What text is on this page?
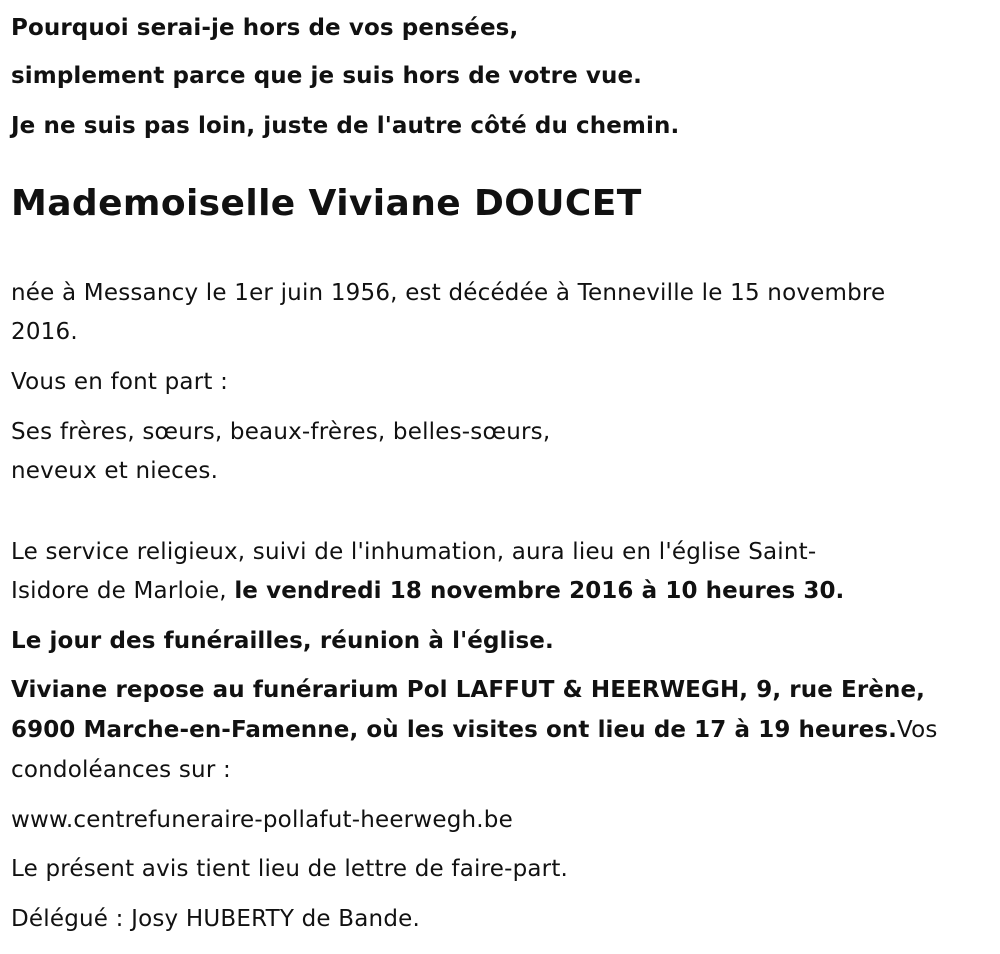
Pourquoi serai-je hors de vos pensées,
simplement parce que je suis hors de votre vue.
Je ne suis pas loin, juste de l'autre côté du chemin.
Mademoiselle Viviane DOUCET
née à Messancy le 1er juin 1956, est décédée à Tenneville le 15 novembre
2016.
Vous en font part :
Ses frères, sœurs, beaux-frères, belles-sœurs,
neveux et nieces.
Le service religieux, suivi de l'inhumation, aura lieu en l'église Saint-
Isidore de Marloie, le vendredi 18 novembre 2016 à 10 heures 30.
Le jour des funérailles, réunion à l'église.
Viviane repose au funérarium Pol LAFFUT & HEERWEGH, 9, rue Erène,
6900 Marche-en-Famenne, où les visites ont lieu de 17 à 19 heures.Vos
condoléances sur :
www.centrefuneraire-pollafut-heerwegh.be
Le présent avis tient lieu de lettre de faire-part.
Délégué : Josy HUBERTY de Bande.
